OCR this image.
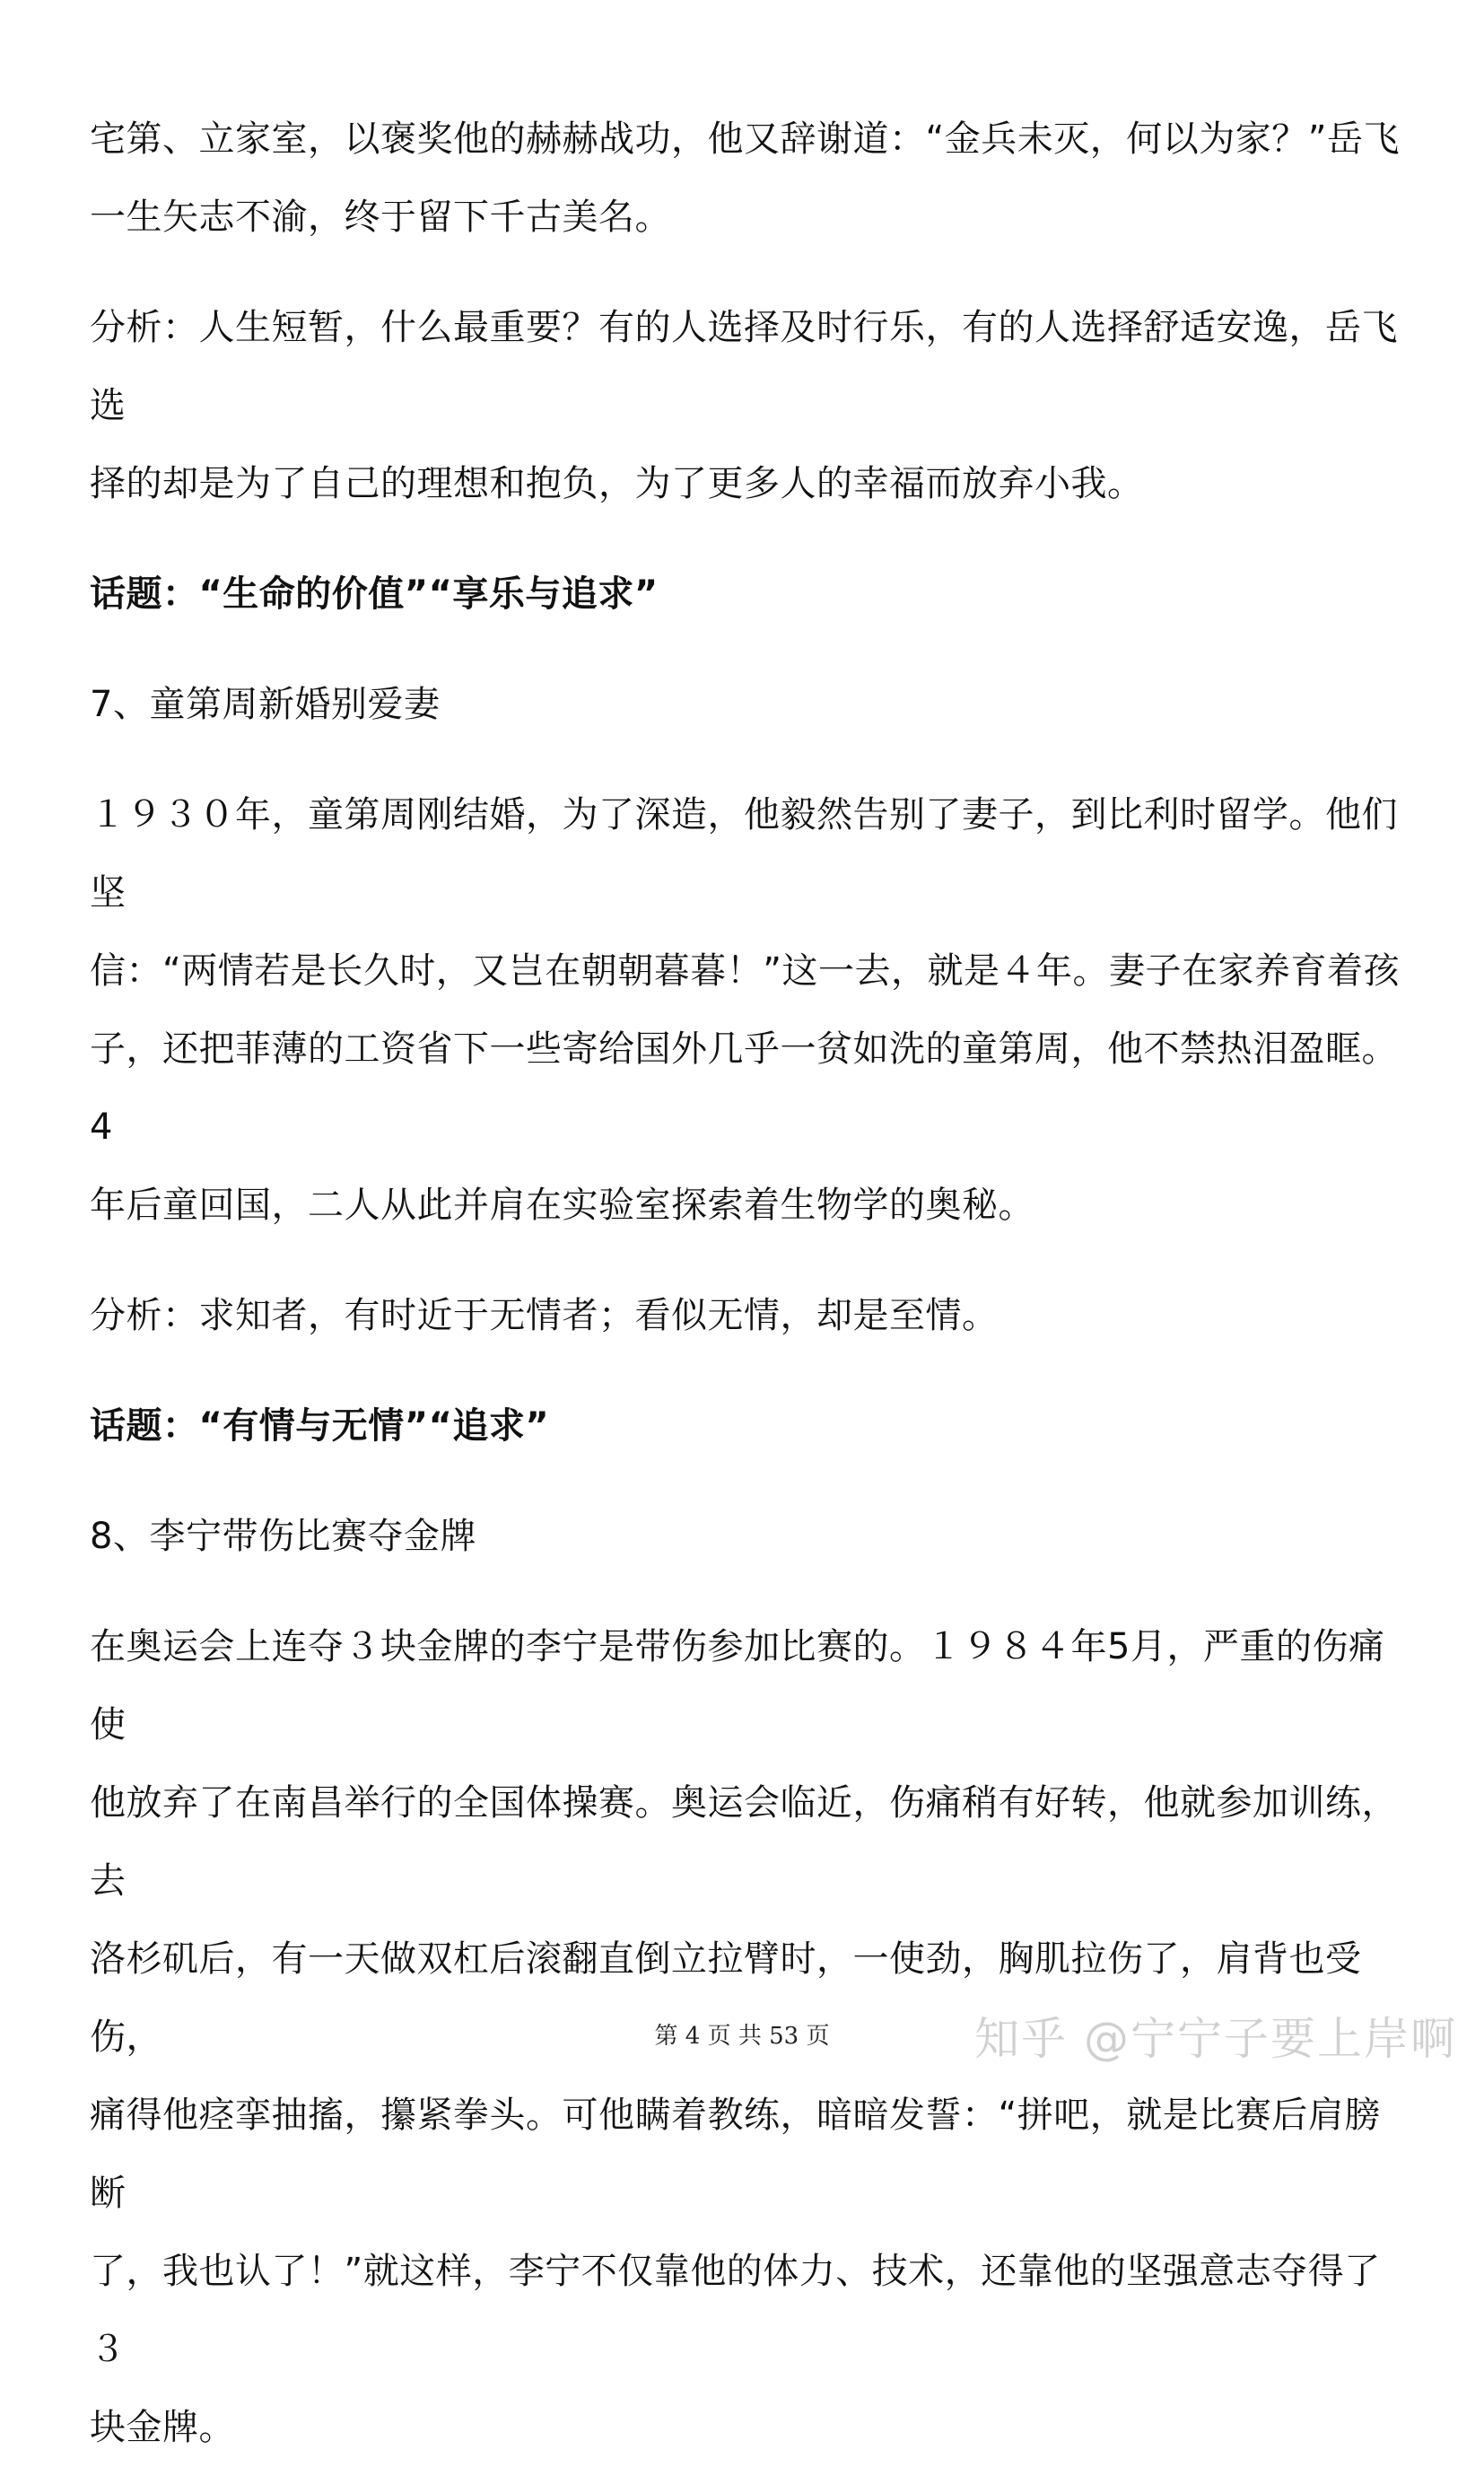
宅第、立家室，以褒奖他的赫赫战功，他又辞谢道：“金兵未灭，何以为家？”岳飞

一生矢志不渝，终于留下千古美名。

分析：人生短暂，什么最重要？有的人选择及时行乐，有的人选择舒适安逸，岳飞选

择的却是为了自己的理想和抱负，为了更多人的幸福而放弃小我。

话题：“生命的价值”“享乐与追求”

7、童第周新婚别爱妻

１９３０年，童第周刚结婚，为了深造，他毅然告别了妻子，到比利时留学。他们坚

信：“两情若是长久时，又岂在朝朝暮暮！”这一去，就是４年。妻子在家养育着孩

子，还把菲薄的工资省下一些寄给国外几乎一贫如洗的童第周，他不禁热泪盈眶。4

年后童回国，二人从此并肩在实验室探索着生物学的奥秘。

分析：求知者，有时近于无情者；看似无情，却是至情。

话题：“有情与无情”“追求”

8、李宁带伤比赛夺金牌

在奥运会上连夺３块金牌的李宁是带伤参加比赛的。１９８４年5月，严重的伤痛使

他放弃了在南昌举行的全国体操赛。奥运会临近，伤痛稍有好转，他就参加训练，去

洛杉矶后，有一天做双杠后滚翻直倒立拉臂时，一使劲，胸肌拉伤了，肩背也受伤，

痛得他痉挛抽搐，攥紧拳头。可他瞒着教练，暗暗发誓：“拼吧，就是比赛后肩膀断

了，我也认了！”就这样，李宁不仅靠他的体力、技术，还靠他的坚强意志夺得了３

块金牌。

第 4 页 共 53 页	知乎 @宁宁子要上岸啊
